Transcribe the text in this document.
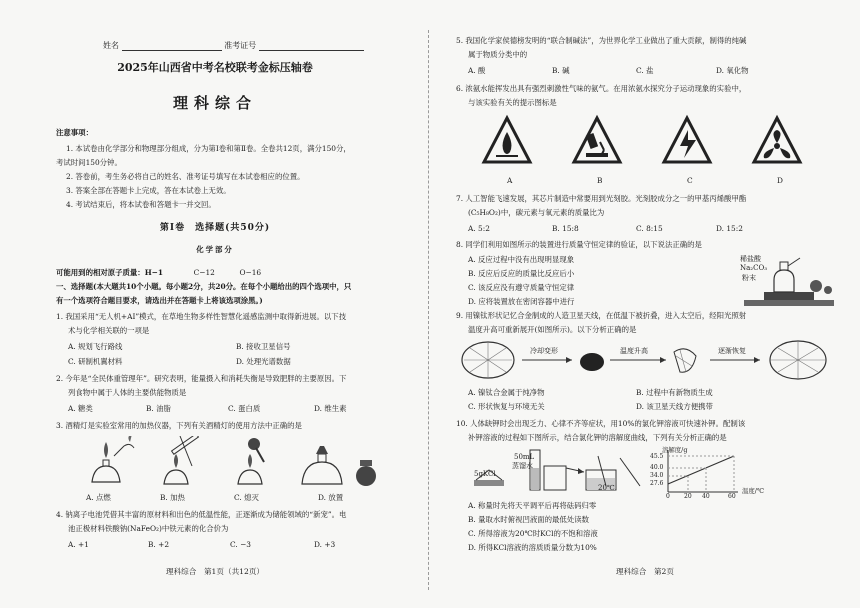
姓名	准考证号
2025年山西省中考名校联考金标压轴卷
理科综合
注意事项：
1. 本试卷由化学部分和物理部分组成，分为第Ⅰ卷和第Ⅱ卷。全卷共12页，满分150分，
考试时间150分钟。
2. 答卷前，考生务必将自己的姓名、准考证号填写在本试卷相应的位置。
3. 答案全部在答题卡上完成，答在本试卷上无效。
4. 考试结束后，将本试卷和答题卡一并交回。
第Ⅰ卷　选择题(共50分)
化学部分
可能用到的相对原子质量：H−1	C−12	O−16
一、选择题(本大题共10个小题。每小题2分，共20分。在每个小题给出的四个选项中，只
有一个选项符合题目要求，请选出并在答题卡上将该选项涂黑。)
1. 我国采用“无人机+AI”模式，在草地生物多样性智慧化遥感监测中取得新进展。以下技
术与化学相关联的一项是
A. 规划飞行路线	B. 接收卫星信号
C. 研制机翼材料	D. 处理光谱数据
2. 今年是“全民体重管理年”。研究表明，能量摄入和消耗失衡是导致肥胖的主要原因。下
列食物中属于人体的主要供能物质是
A. 糖类	B. 油脂	C. 蛋白质	D. 维生素
3. 酒精灯是实验室常用的加热仪器，下列有关酒精灯的使用方法中正确的是
A. 点燃	B. 加热	C. 熄灭	D. 放置
4. 钠离子电池凭借其丰富的原材料和出色的低温性能，正逐渐成为储能领域的“新宠”。电
池正极材料铁酸钠(NaFeO₂)中铁元素的化合价为
A. +1	B. +2	C. −3	D. +3
理科综合　第1页（共12页）
5. 我国化学家侯德榜发明的“联合制碱法”，为世界化学工业做出了重大贡献，制得的纯碱
属于物质分类中的
A. 酸	B. 碱	C. 盐	D. 氧化物
6. 浓氨水能挥发出具有强烈刺激性气味的氨气。在用浓氨水探究分子运动现象的实验中，
与该实验有关的提示图标是
A	B	C	D
7. 人工智能飞速发展，其芯片制造中常要用到光刻胶。光刻胶成分之一的甲基丙烯酸甲酯
(C₅H₈O₂)中，碳元素与氧元素的质量比为
A. 5:2	B. 15:8	C. 8:15	D. 15:2
8. 同学们利用如图所示的装置进行质量守恒定律的验证，以下说法正确的是
A. 反应过程中没有出现明显现象
B. 反应后反应的质量比反应后小
C. 该反应没有遵守质量守恒定律
D. 应将装置放在密闭容器中进行
稀盐酸
Na₂CO₃
粉末
9. 用镍钛形状记忆合金制成的人造卫星天线，在低温下被折叠，进入太空后，经阳光照射
温度升高可重新展开(如图所示)。以下分析正确的是
冷却变形	温度升高	逐渐恢复
A. 镍钛合金属于纯净物	B. 过程中有新物质生成
C. 形状恢复与环境无关	D. 该卫星天线方便携带
10. 人体缺钾时会出现乏力、心律不齐等症状，用10%的氯化钾溶液可快速补钾。配制该
补钾溶液的过程如下图所示，结合氯化钾的溶解度曲线，下列有关分析正确的是
5gKCl
50mL
蒸馏水
20℃
溶解度/g
45.5
40.0
34.0
27.6
0 20 40	60
温度/℃
A. 称量时先将天平调平后再将砝码归零
B. 量取水时俯视凹液面的最低处读数
C. 所得溶液为20℃时KCl的不饱和溶液
D. 所得KCl溶液的溶质质量分数为10%
理科综合　第2页
